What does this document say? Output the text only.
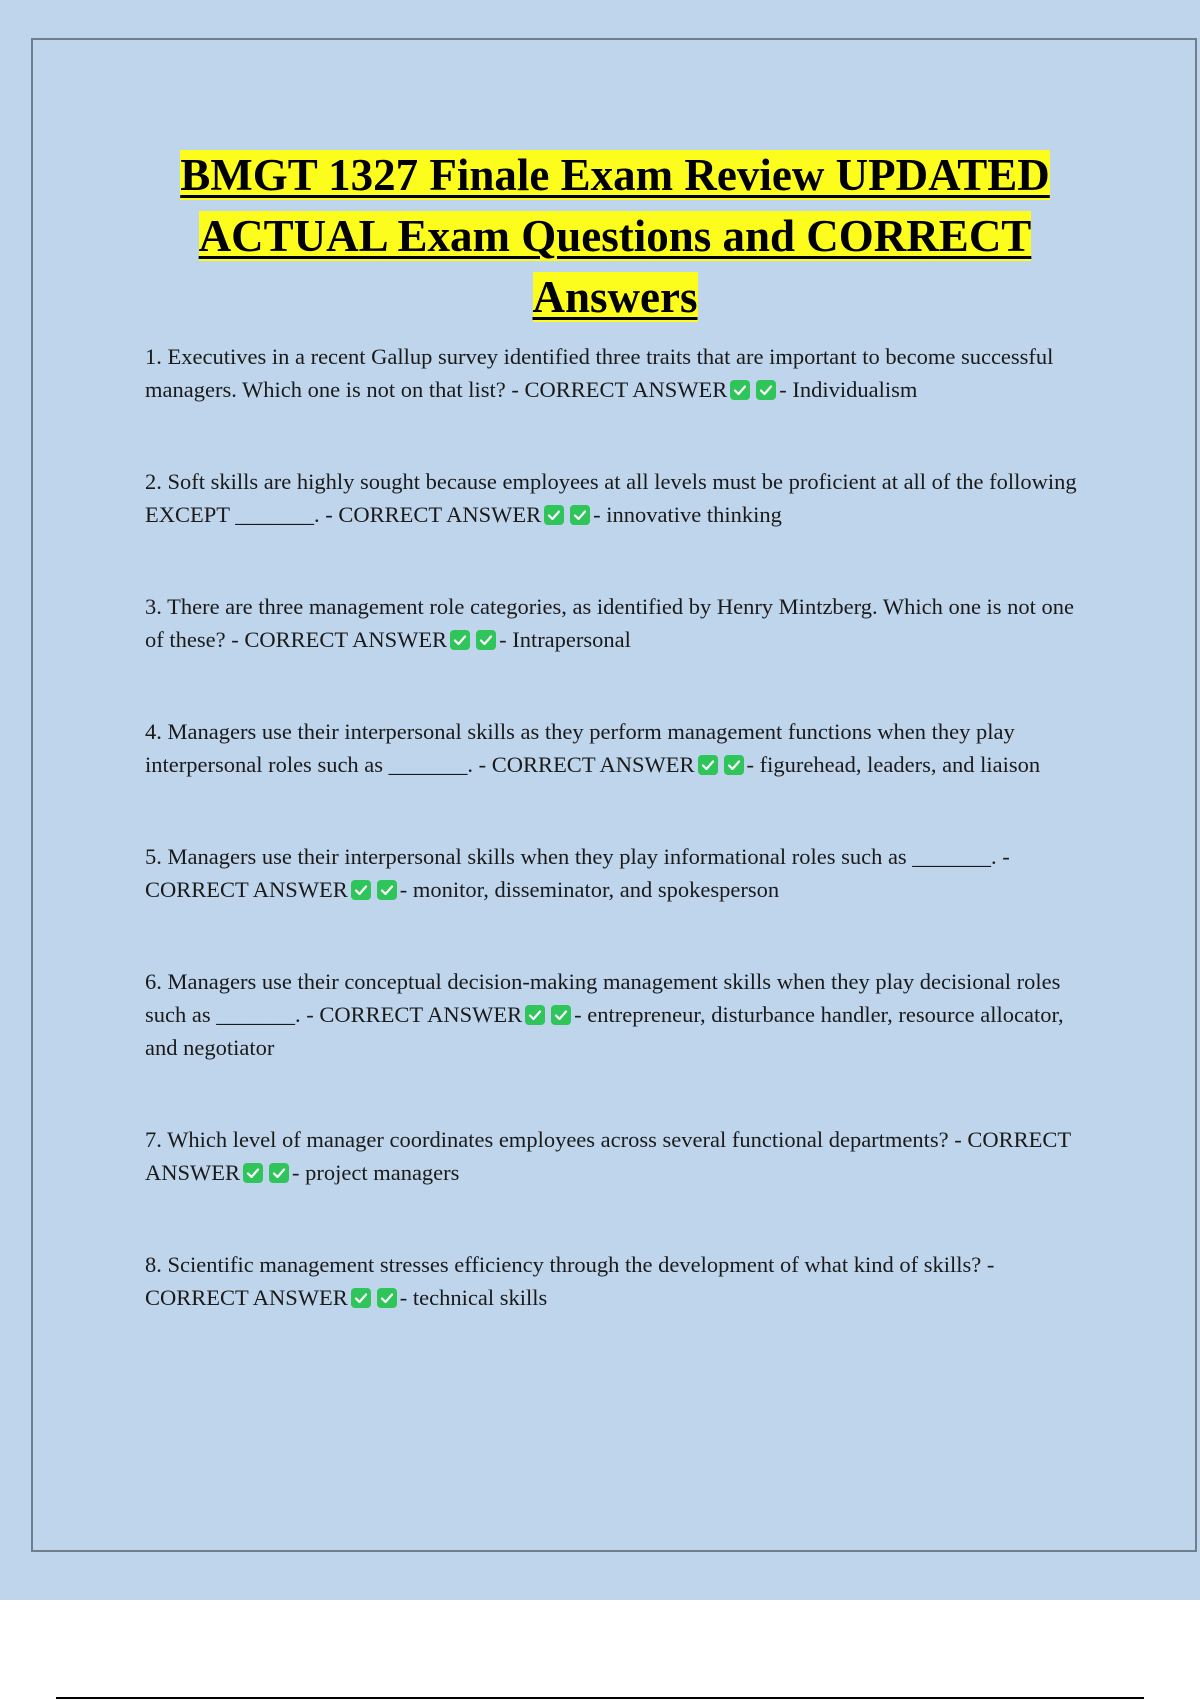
BMGT 1327 Finale Exam Review UPDATED ACTUAL Exam Questions and CORRECT Answers

1. Executives in a recent Gallup survey identified three traits that are important to become successful managers. Which one is not on that list? - CORRECT ANSWER - Individualism

2. Soft skills are highly sought because employees at all levels must be proficient at all of the following EXCEPT _______. - CORRECT ANSWER - innovative thinking

3. There are three management role categories, as identified by Henry Mintzberg. Which one is not one of these? - CORRECT ANSWER - Intrapersonal

4. Managers use their interpersonal skills as they perform management functions when they play interpersonal roles such as _______. - CORRECT ANSWER - figurehead, leaders, and liaison

5. Managers use their interpersonal skills when they play informational roles such as _______. - CORRECT ANSWER - monitor, disseminator, and spokesperson

6. Managers use their conceptual decision-making management skills when they play decisional roles such as _______. - CORRECT ANSWER - entrepreneur, disturbance handler, resource allocator, and negotiator

7. Which level of manager coordinates employees across several functional departments? - CORRECT ANSWER - project managers

8. Scientific management stresses efficiency through the development of what kind of skills? - CORRECT ANSWER - technical skills
